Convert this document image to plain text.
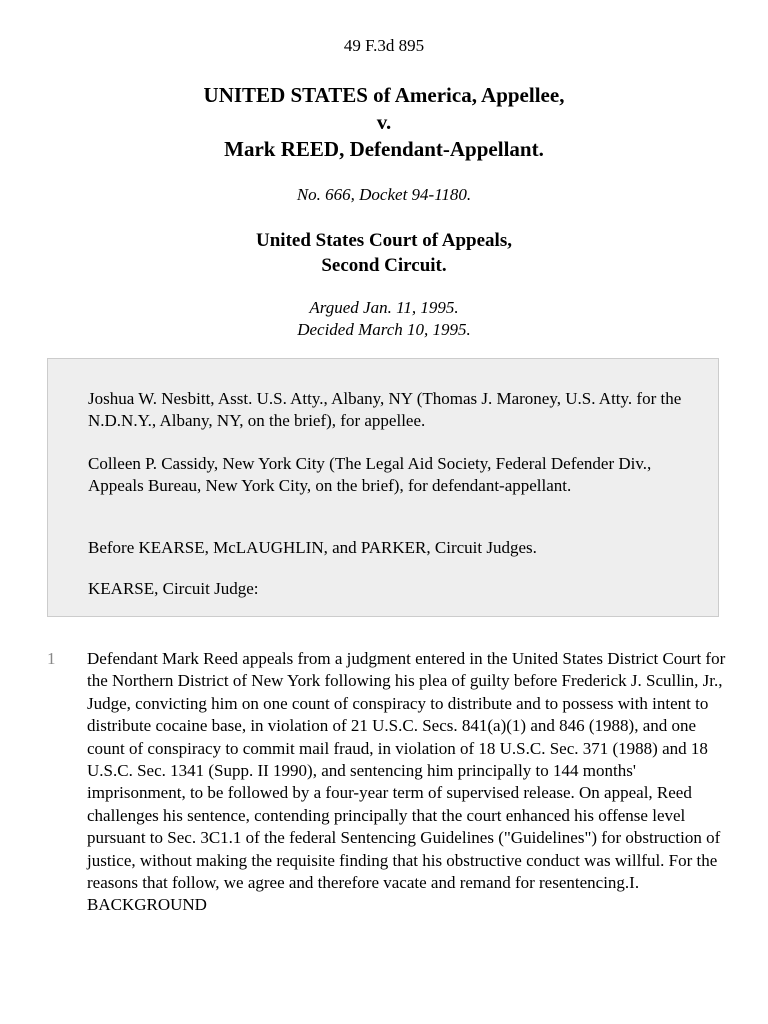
49 F.3d 895
UNITED STATES of America, Appellee,
v.
Mark REED, Defendant-Appellant.
No. 666, Docket 94-1180.
United States Court of Appeals,
Second Circuit.
Argued Jan. 11, 1995.
Decided March 10, 1995.
Joshua W. Nesbitt, Asst. U.S. Atty., Albany, NY (Thomas J. Maroney, U.S. Atty. for the N.D.N.Y., Albany, NY, on the brief), for appellee.
Colleen P. Cassidy, New York City (The Legal Aid Society, Federal Defender Div., Appeals Bureau, New York City, on the brief), for defendant-appellant.
Before KEARSE, McLAUGHLIN, and PARKER, Circuit Judges.
KEARSE, Circuit Judge:
1 Defendant Mark Reed appeals from a judgment entered in the United States District Court for the Northern District of New York following his plea of guilty before Frederick J. Scullin, Jr., Judge, convicting him on one count of conspiracy to distribute and to possess with intent to distribute cocaine base, in violation of 21 U.S.C. Secs. 841(a)(1) and 846 (1988), and one count of conspiracy to commit mail fraud, in violation of 18 U.S.C. Sec. 371 (1988) and 18 U.S.C. Sec. 1341 (Supp. II 1990), and sentencing him principally to 144 months' imprisonment, to be followed by a four-year term of supervised release. On appeal, Reed challenges his sentence, contending principally that the court enhanced his offense level pursuant to Sec. 3C1.1 of the federal Sentencing Guidelines ("Guidelines") for obstruction of justice, without making the requisite finding that his obstructive conduct was willful. For the reasons that follow, we agree and therefore vacate and remand for resentencing.I. BACKGROUND
